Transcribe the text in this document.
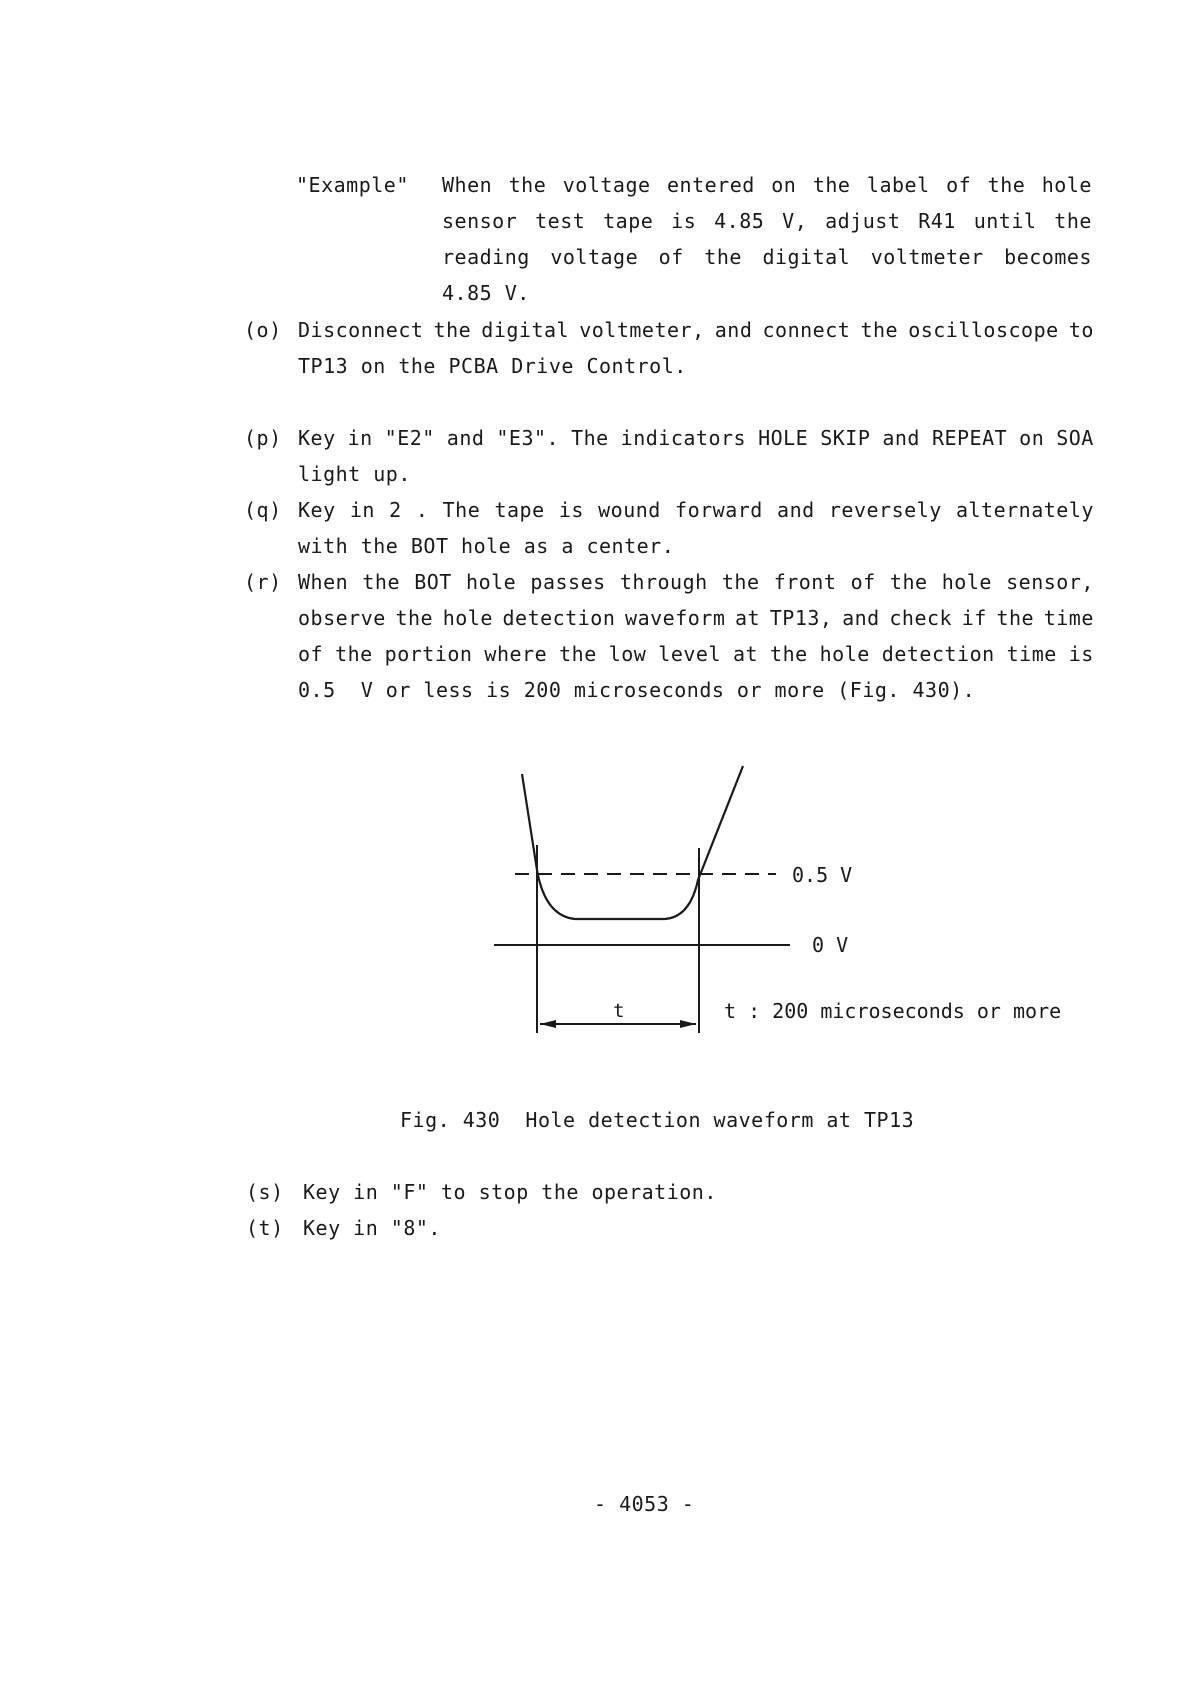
"Example" When the voltage entered on the label of the hole
sensor test tape is 4.85 V, adjust R41 until the
reading voltage of the digital voltmeter becomes
4.85 V.
(o) Disconnect the digital voltmeter, and connect the oscilloscope to
TP13 on the PCBA Drive Control.
(p) Key in "E2" and "E3". The indicators HOLE SKIP and REPEAT on SOA
light up.
(q) Key in 2 . The tape is wound forward and reversely alternately
with the BOT hole as a center.
(r) When the BOT hole passes through the front of the hole sensor,
observe the hole detection waveform at TP13, and check if the time
of the portion where the low level at the hole detection time is
0.5  V or less is 200 microseconds or more (Fig. 430).
0.5 V
0 V
t	t : 200 microseconds or more
Fig. 430  Hole detection waveform at TP13
(s) Key in "F" to stop the operation.
(t) Key in "8".
- 4053 -
